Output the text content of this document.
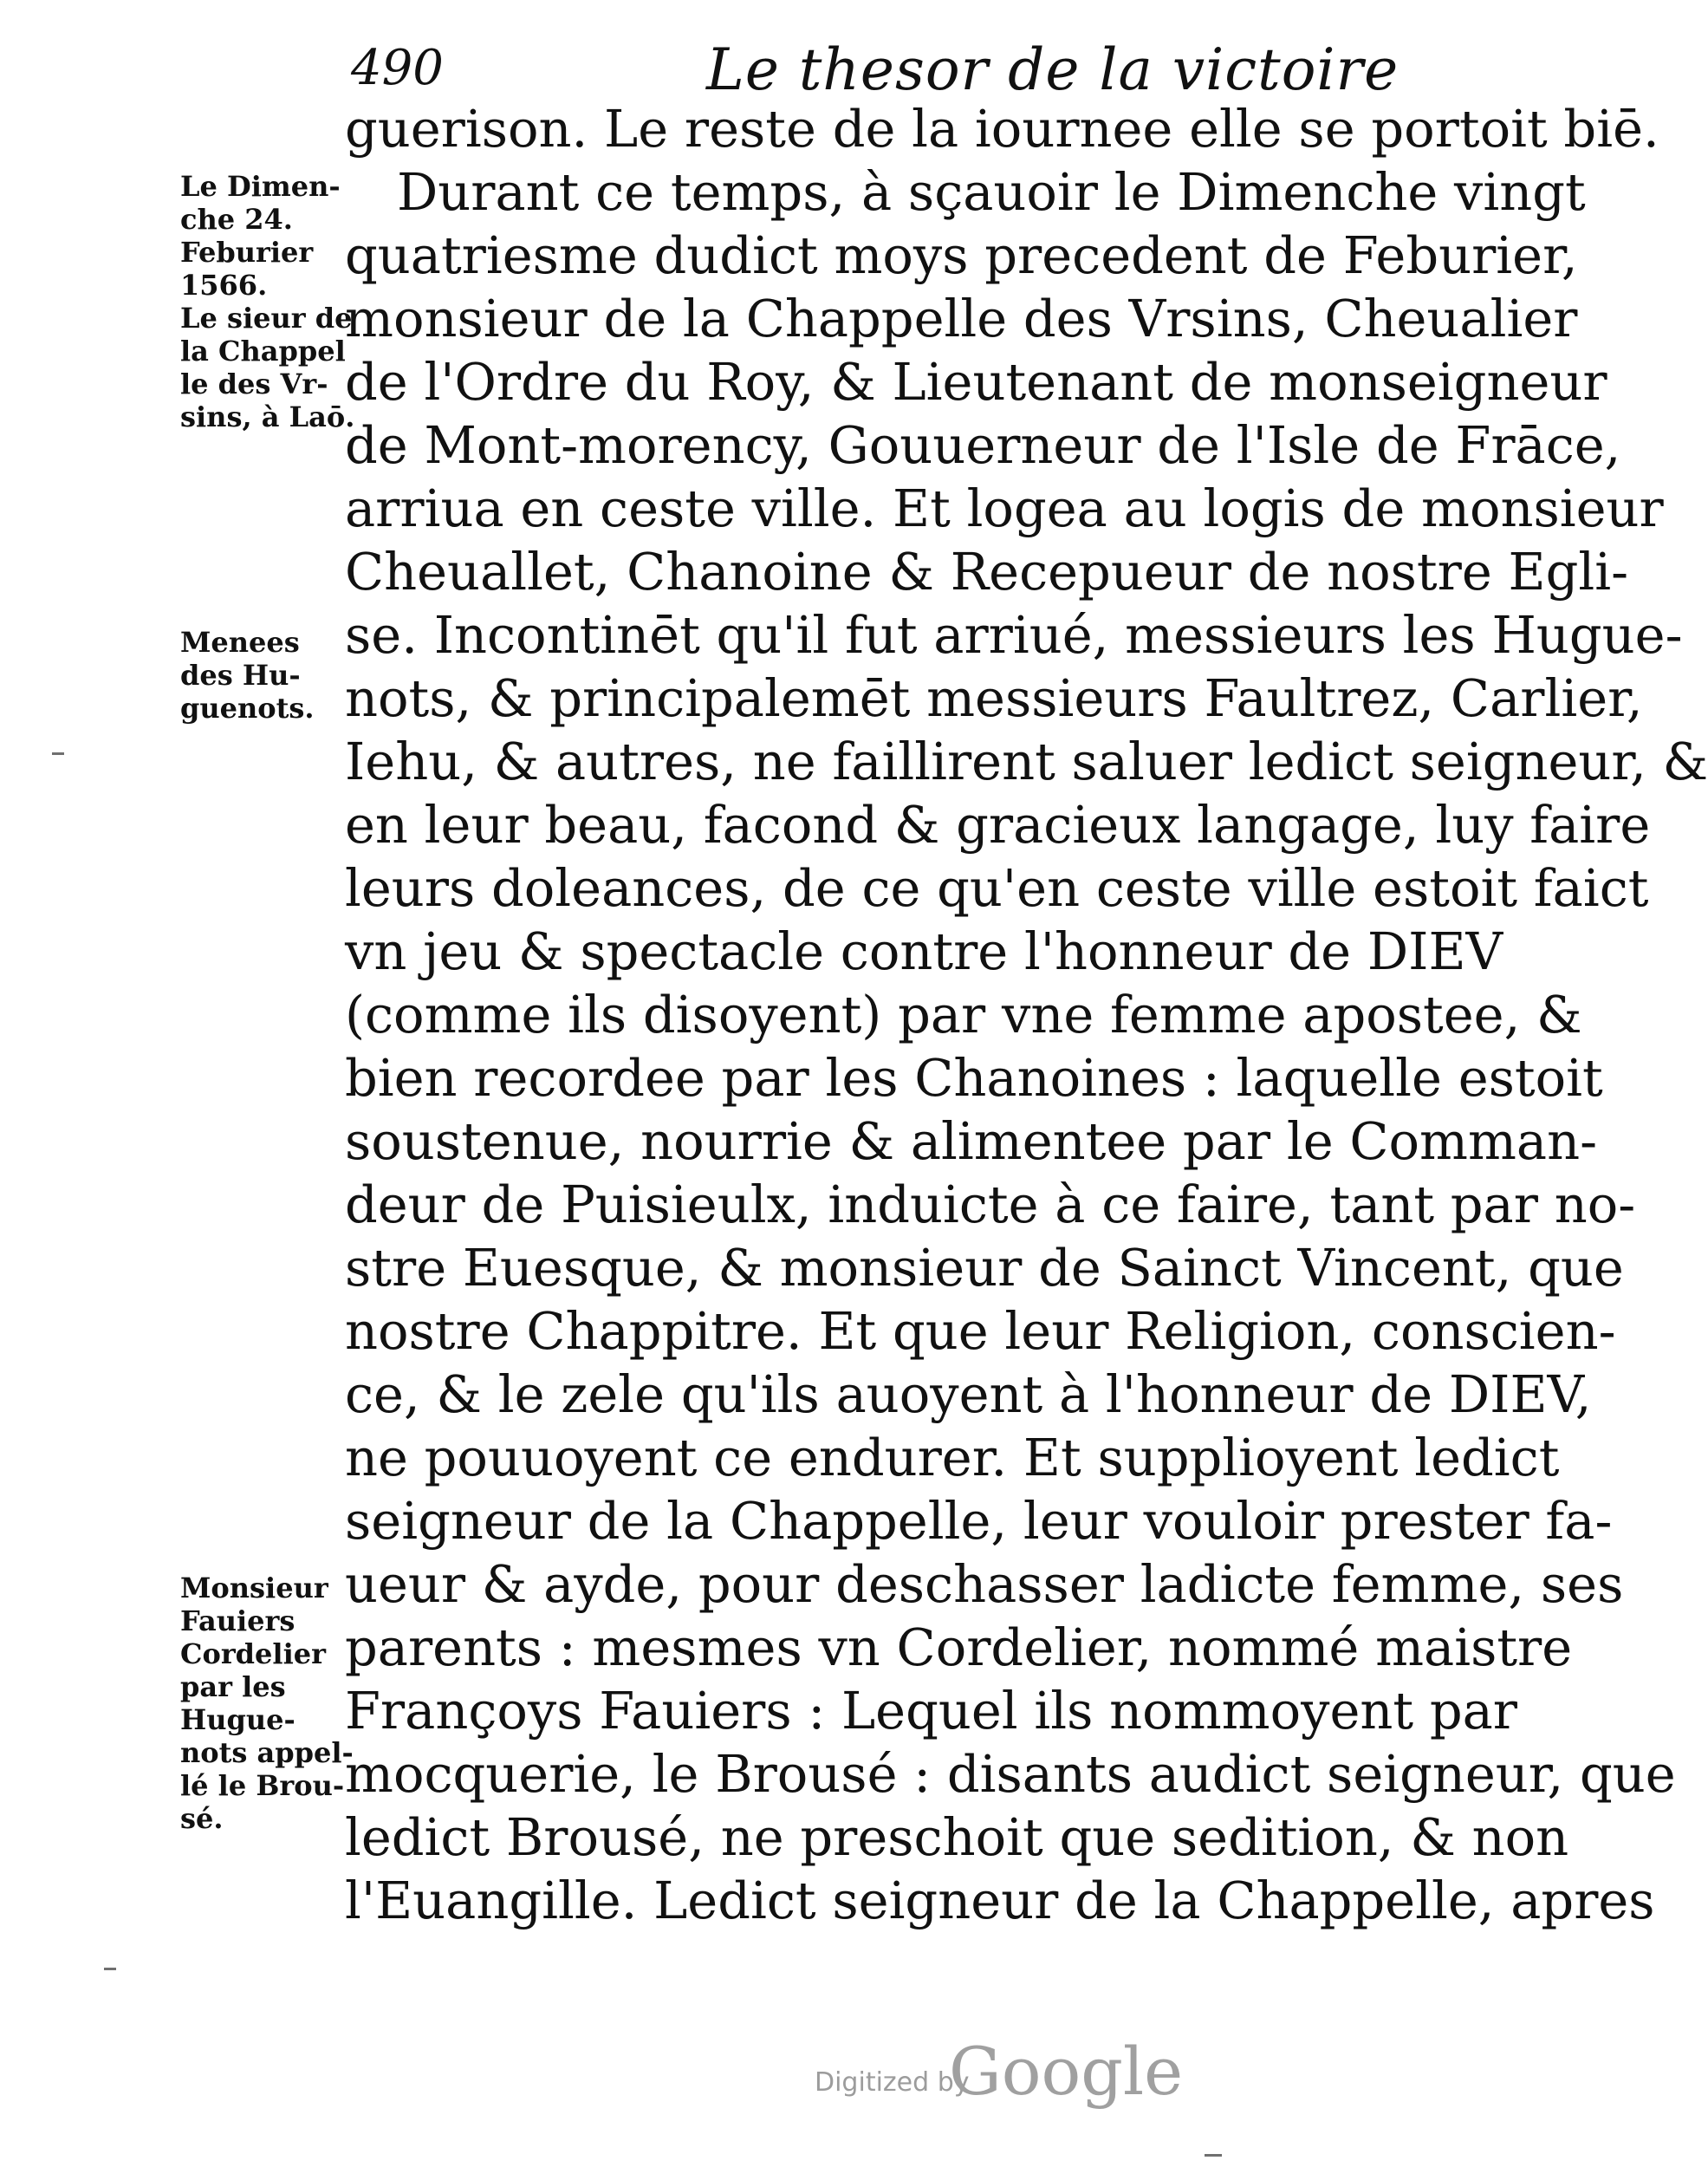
490	Le thesor de la victoire
Le Dimen-
che 24.
Feburier
1566.
Le sieur de
la Chappel
le des Vr-
sins, à Laō.
Menees
des Hu-
guenots.
Monsieur
Fauiers
Cordelier
par les
Hugue-
nots appel-
lé le Brou-
sé.
guerison. Le reste de la iournee elle se portoit biē.
Durant ce temps, à sçauoir le Dimenche vingt
quatriesme dudict moys precedent de Feburier,
monsieur de la Chappelle des Vrsins, Cheualier
de l'Ordre du Roy, & Lieutenant de monseigneur
de Mont-morency, Gouuerneur de l'Isle de Frāce,
arriua en ceste ville. Et logea au logis de monsieur
Cheuallet, Chanoine & Recepueur de nostre Egli-
se. Incontinēt qu'il fut arriué, messieurs les Hugue-
nots, & principalemēt messieurs Faultrez, Carlier,
Iehu, & autres, ne faillirent saluer ledict seigneur, &
en leur beau, facond & gracieux langage, luy faire
leurs doleances, de ce qu'en ceste ville estoit faict
vn jeu & spectacle contre l'honneur de DIEV
(comme ils disoyent) par vne femme apostee, &
bien recordee par les Chanoines : laquelle estoit
soustenue, nourrie & alimentee par le Comman-
deur de Puisieulx, induicte à ce faire, tant par no-
stre Euesque, & monsieur de Sainct Vincent, que
nostre Chappitre. Et que leur Religion, conscien-
ce, & le zele qu'ils auoyent à l'honneur de DIEV,
ne pouuoyent ce endurer. Et supplioyent ledict
seigneur de la Chappelle, leur vouloir prester fa-
ueur & ayde, pour deschasser ladicte femme, ses
parents : mesmes vn Cordelier, nommé maistre
Françoys Fauiers : Lequel ils nommoyent par
mocquerie, le Brousé : disants audict seigneur, que
ledict Brousé, ne preschoit que sedition, & non
l'Euangille. Ledict seigneur de la Chappelle, apres
Digitized by
Google
